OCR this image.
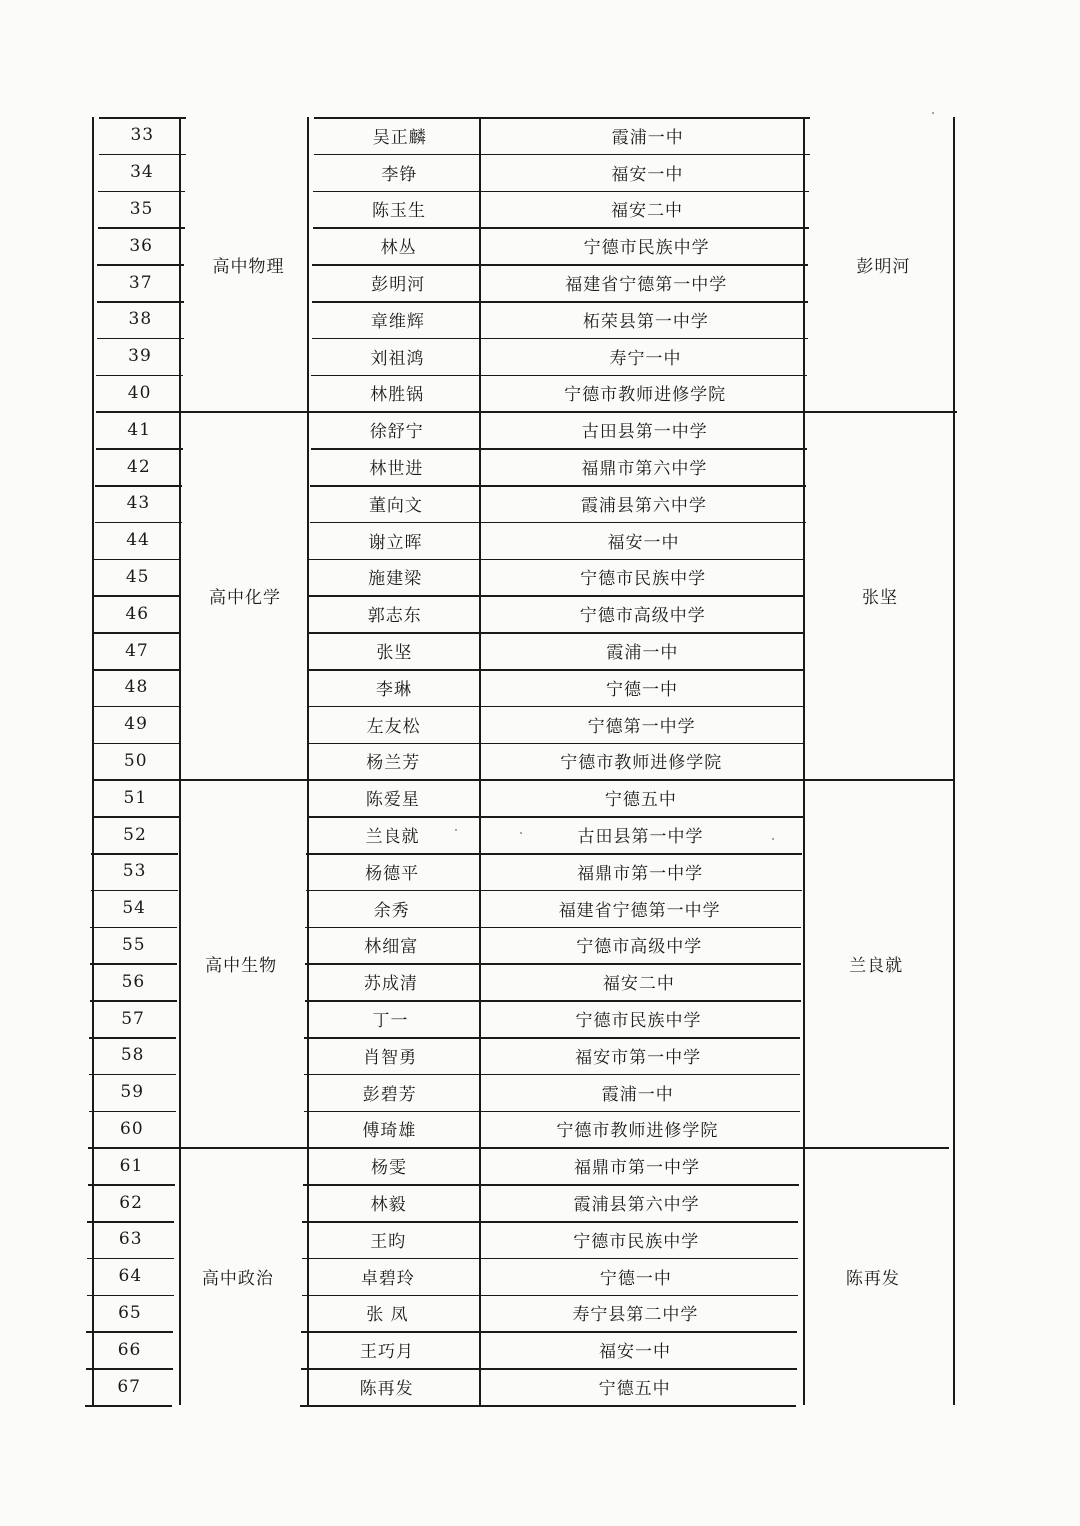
33	吴正麟	霞浦一中
34	李铮	福安一中
35	陈玉生	福安二中
36	林丛	宁德市民族中学
37	彭明河	福建省宁德第一中学
38	章维辉	柘荣县第一中学
39	刘祖鸿	寿宁一中
40	林胜锅	宁德市教师进修学院
高中物理	彭明河
41	徐舒宁	古田县第一中学
42	林世进	福鼎市第六中学
43	董向文	霞浦县第六中学
44	谢立晖	福安一中
45	施建梁	宁德市民族中学
46	郭志东	宁德市高级中学
47	张坚	霞浦一中
48	李琳	宁德一中
49	左友松	宁德第一中学
50	杨兰芳	宁德市教师进修学院
高中化学	张坚
51	陈爱星	宁德五中
52	兰良就	古田县第一中学
53	杨德平	福鼎市第一中学
54	余秀	福建省宁德第一中学
55	林细富	宁德市高级中学
56	苏成清	福安二中
57	丁一	宁德市民族中学
58	肖智勇	福安市第一中学
59	彭碧芳	霞浦一中
60	傅琦雄	宁德市教师进修学院
高中生物	兰良就
61	杨雯	福鼎市第一中学
62	林毅	霞浦县第六中学
63	王昀	宁德市民族中学
64	卓碧玲	宁德一中
65	张 凤	寿宁县第二中学
66	王巧月	福安一中
67	陈再发	宁德五中
高中政治	陈再发
